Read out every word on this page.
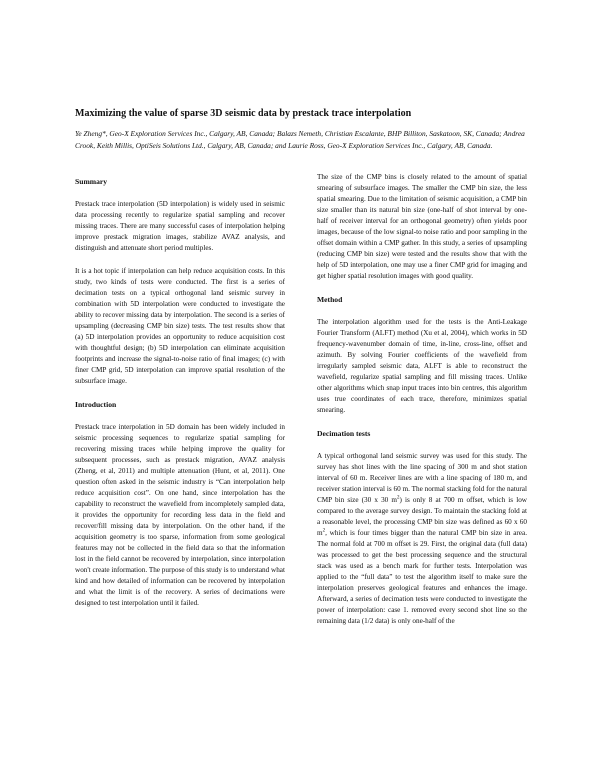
Maximizing the value of sparse 3D seismic data by prestack trace interpolation
Ye Zheng*, Geo-X Exploration Services Inc., Calgary, AB, Canada; Balazs Nemeth, Christian Escalante, BHP Billiton, Saskatoon, SK, Canada; Andrea Crook, Keith Millis, OptiSeis Solutions Ltd., Calgary, AB, Canada; and Laurie Ross, Geo-X Exploration Services Inc., Calgary, AB, Canada.
Summary

Prestack trace interpolation (5D interpolation) is widely used in seismic data processing recently to regularize spatial sampling and recover missing traces. There are many successful cases of interpolation helping improve prestack migration images, stabilize AVAZ analysis, and distinguish and attenuate short period multiples.

It is a hot topic if interpolation can help reduce acquisition costs. In this study, two kinds of tests were conducted. The first is a series of decimation tests on a typical orthogonal land seismic survey in combination with 5D interpolation were conducted to investigate the ability to recover missing data by interpolation. The second is a series of upsampling (decreasing CMP bin size) tests. The test results show that (a) 5D interpolation provides an opportunity to reduce acquisition cost with thoughtful design; (b) 5D interpolation can eliminate acquisition footprints and increase the signal-to-noise ratio of final images; (c) with finer CMP grid, 5D interpolation can improve spatial resolution of the subsurface image.

Introduction

Prestack trace interpolation in 5D domain has been widely included in seismic processing sequences to regularize spatial sampling for recovering missing traces while helping improve the quality for subsequent processes, such as prestack migration, AVAZ analysis (Zheng, et al, 2011) and multiple attenuation (Hunt, et al, 2011). One question often asked in the seismic industry is “Can interpolation help reduce acquisition cost”. On one hand, since interpolation has the capability to reconstruct the wavefield from incompletely sampled data, it provides the opportunity for recording less data in the field and recover/fill missing data by interpolation. On the other hand, if the acquisition geometry is too sparse, information from some geological features may not be collected in the field data so that the information lost in the field cannot be recovered by interpolation, since interpolation won't create information. The purpose of this study is to understand what kind and how detailed of information can be recovered by interpolation and what the limit is of the recovery. A series of decimations were designed to test interpolation until it failed.

The size of the CMP bins is closely related to the amount of spatial smearing of subsurface images. The smaller the CMP bin size, the less spatial smearing. Due to the limitation of seismic acquisition, a CMP bin size smaller than its natural bin size (one-half of shot interval by one-half of receiver interval for an orthogonal geometry) often yields poor images, because of the low signal-to noise ratio and poor sampling in the offset domain within a CMP gather. In this study, a series of upsampling (reducing CMP bin size) were tested and the results show that with the help of 5D interpolation, one may use a finer CMP grid for imaging and get higher spatial resolution images with good quality.

Method

The interpolation algorithm used for the tests is the Anti-Leakage Fourier Transform (ALFT) method (Xu et al, 2004), which works in 5D frequency-wavenumber domain of time, in-line, cross-line, offset and azimuth. By solving Fourier coefficients of the wavefield from irregularly sampled seismic data, ALFT is able to reconstruct the wavefield, regularize spatial sampling and fill missing traces. Unlike other algorithms which snap input traces into bin centres, this algorithm uses true coordinates of each trace, therefore, minimizes spatial smearing.

Decimation tests

A typical orthogonal land seismic survey was used for this study. The survey has shot lines with the line spacing of 300 m and shot station interval of 60 m. Receiver lines are with a line spacing of 180 m, and receiver station interval is 60 m. The normal stacking fold for the natural CMP bin size (30 x 30 $m^2$) is only 8 at 700 m offset, which is low compared to the average survey design. To maintain the stacking fold at a reasonable level, the processing CMP bin size was defined as 60 x 60 $m^2$, which is four times bigger than the natural CMP bin size in area. The normal fold at 700 m offset is 29. First, the original data (full data) was processed to get the best processing sequence and the structural stack was used as a bench mark for further tests. Interpolation was applied to the “full data” to test the algorithm itself to make sure the interpolation preserves geological features and enhances the image. Afterward, a series of decimation tests were conducted to investigate the power of interpolation: case 1. removed every second shot line so the remaining data (1/2 data) is only one-half of the
